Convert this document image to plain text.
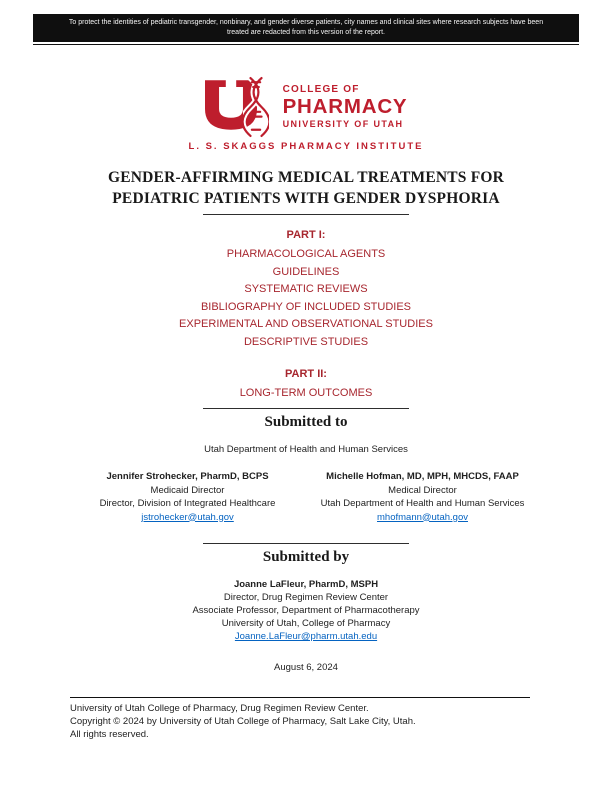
To protect the identities of pediatric transgender, nonbinary, and gender diverse patients, city names and clinical sites where research subjects have been treated are redacted from this version of the report.
COLLEGE OF
PHARMACY
UNIVERSITY OF UTAH
L. S. SKAGGS PHARMACY INSTITUTE
GENDER-AFFIRMING MEDICAL TREATMENTS FOR
PEDIATRIC PATIENTS WITH GENDER DYSPHORIA
PART I:
PHARMACOLOGICAL AGENTS
GUIDELINES
SYSTEMATIC REVIEWS
BIBLIOGRAPHY OF INCLUDED STUDIES
EXPERIMENTAL AND OBSERVATIONAL STUDIES
DESCRIPTIVE STUDIES
PART II:
LONG-TERM OUTCOMES
Submitted to
Utah Department of Health and Human Services
Jennifer Strohecker, PharmD, BCPS
Medicaid Director
Director, Division of Integrated Healthcare
jstrohecker@utah.gov
Michelle Hofman, MD, MPH, MHCDS, FAAP
Medical Director
Utah Department of Health and Human Services
mhofmann@utah.gov
Submitted by
Joanne LaFleur, PharmD, MSPH
Director, Drug Regimen Review Center
Associate Professor, Department of Pharmacotherapy
University of Utah, College of Pharmacy
Joanne.LaFleur@pharm.utah.edu
August 6, 2024
University of Utah College of Pharmacy, Drug Regimen Review Center.
Copyright © 2024 by University of Utah College of Pharmacy, Salt Lake City, Utah.
All rights reserved.
